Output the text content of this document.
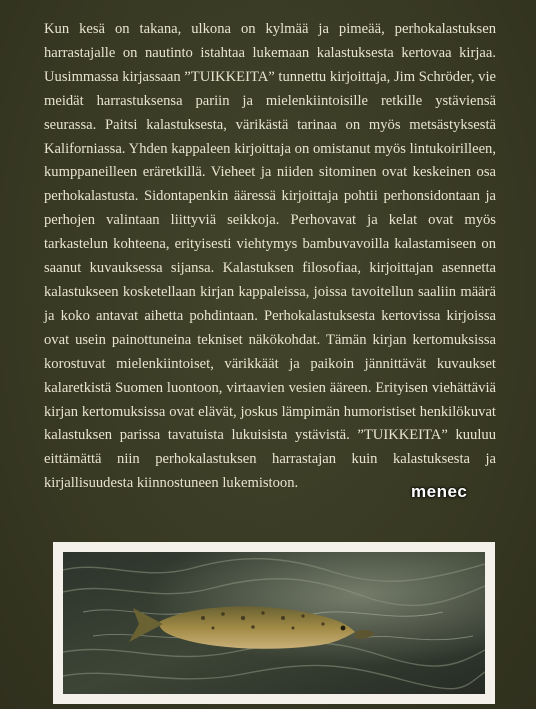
Kun kesä on takana, ulkona on kylmää ja pimeää, perhokalastuksen harrastajalle on nautinto istahtaa lukemaan kalastuksesta kertovaa kirjaa. Uusimmassa kirjassaan ”TUIKKEITA” tunnettu kirjoittaja, Jim Schröder, vie meidät harrastuksensa pariin ja mielenkiintoisille retkille ystäviensä seurassa. Paitsi kalastuksesta, värikästä tarinaa on myös metsästyksestä Kaliforniassa. Yhden kappaleen kirjoittaja on omistanut myös lintukoirilleen, kumppaneilleen eräretkillä. Vieheet ja niiden sitominen ovat keskeinen osa perhokalastusta. Sidontapenkin ääressä kirjoittaja pohtii perhonsidontaan ja perhojen valintaan liittyviä seikkoja. Perhovavat ja kelat ovat myös tarkastelun kohteena, erityisesti viehtymys bambuvavoilla kalastamiseen on saanut kuvauksessa sijansa. Kalastuksen filosofiaa, kirjoittajan asennetta kalastukseen kosketellaan kirjan kappaleissa, joissa tavoitellun saaliin määrä ja koko antavat aihetta pohdintaan. Perhokalastuksesta kertovissa kirjoissa ovat usein painottuneina tekniset näkökohdat. Tämän kirjan kertomuksissa korostuvat mielenkiintoiset, värikkäät ja paikoin jännittävät kuvaukset kalaretkistä Suomen luontoon, virtaavien vesien ääreen. Erityisen viehättäviä kirjan kertomuksissa ovat elävät, joskus lämpimän humoristiset henkilökuvat kalastuksen parissa tavatuista lukuisista ystävistä. ”TUIKKEITA” kuuluu eittämättä niin perhokalastuksen harrastajan kuin kalastuksesta ja kirjallisuudesta kiinnostuneen lukemistoon.	menec
